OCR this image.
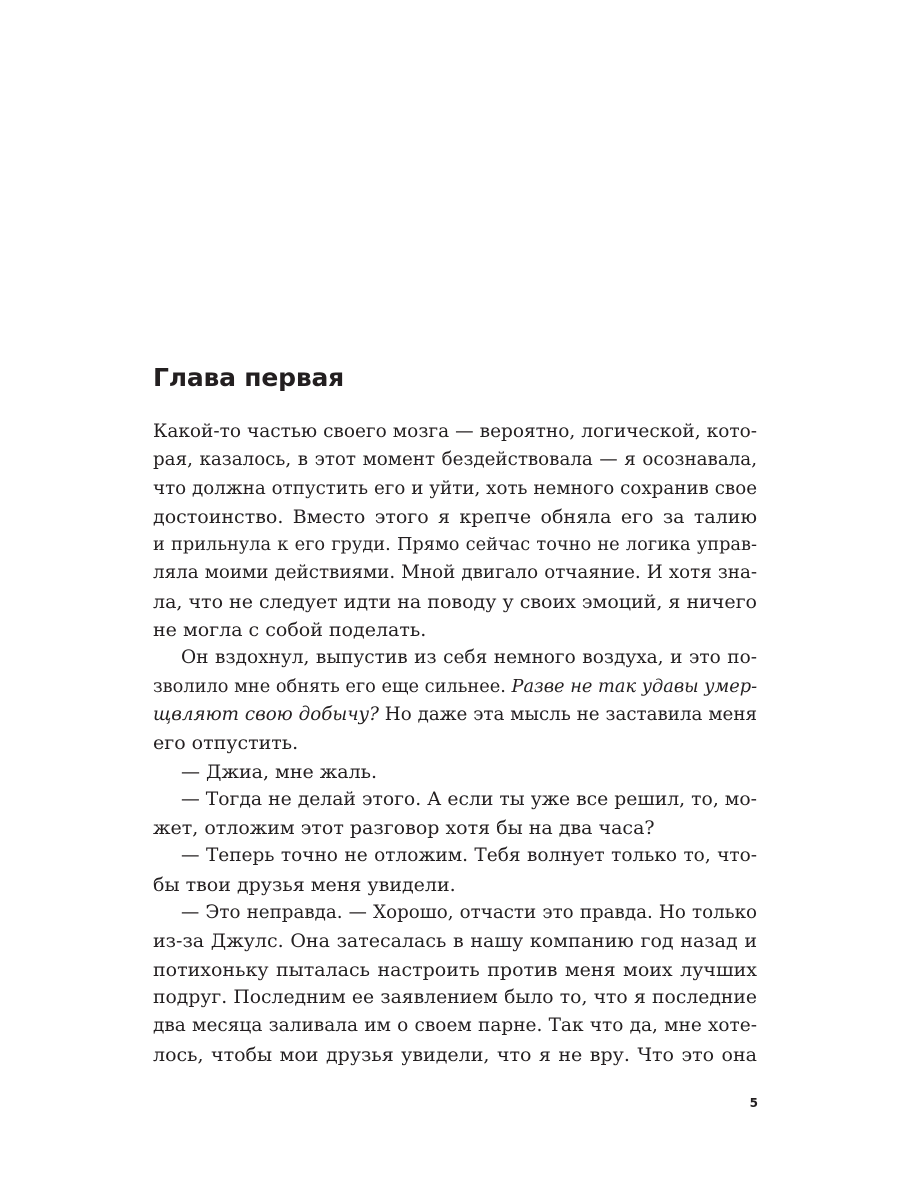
Глава первая
Какой-то частью своего мозга — вероятно, логической, кото-
рая, казалось, в этот момент бездействовала — я осознавала,
что должна отпустить его и уйти, хоть немного сохранив свое
достоинство. Вместо этого я крепче обняла его за талию
и прильнула к его груди. Прямо сейчас точно не логика управ-
ляла моими действиями. Мной двигало отчаяние. И хотя зна-
ла, что не следует идти на поводу у своих эмоций, я ничего
не могла с собой поделать.
Он вздохнул, выпустив из себя немного воздуха, и это по-
зволило мне обнять его еще сильнее. Разве не так удавы умер-
щвляют свою добычу? Но даже эта мысль не заставила меня
его отпустить.
— Джиа, мне жаль.
— Тогда не делай этого. А если ты уже все решил, то, мо-
жет, отложим этот разговор хотя бы на два часа?
— Теперь точно не отложим. Тебя волнует только то, что-
бы твои друзья меня увидели.
— Это неправда. — Хорошо, отчасти это правда. Но только
из-за Джулс. Она затесалась в нашу компанию год назад и
потихоньку пыталась настроить против меня моих лучших
подруг. Последним ее заявлением было то, что я последние
два месяца заливала им о своем парне. Так что да, мне хоте-
лось, чтобы мои друзья увидели, что я не вру. Что это она
5
